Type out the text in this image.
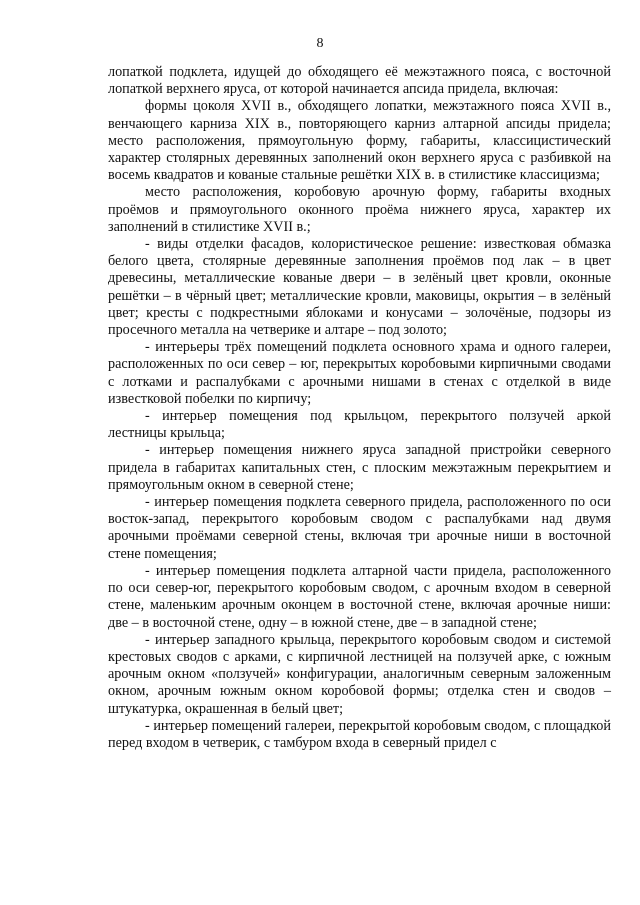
8

лопаткой подклета, идущей до обходящего её межэтажного пояса, с восточной лопаткой верхнего яруса, от которой начинается апсида придела, включая:

формы цоколя XVII в., обходящего лопатки, межэтажного пояса XVII в., венчающего карниза XIX в., повторяющего карниз алтарной апсиды придела; место расположения, прямоугольную форму, габариты, классицистический характер столярных деревянных заполнений окон верхнего яруса с разбивкой на восемь квадратов и кованые стальные решётки XIX в. в стилистике классицизма;

место расположения, коробовую арочную форму, габариты входных проёмов и прямоугольного оконного проёма нижнего яруса, характер их заполнений в стилистике XVII в.;

- виды отделки фасадов, колористическое решение: известковая обмазка белого цвета, столярные деревянные заполнения проёмов под лак – в цвет древесины, металлические кованые двери – в зелёный цвет кровли, оконные решётки – в чёрный цвет; металлические кровли, маковицы, окрытия – в зелёный цвет; кресты с подкрестными яблоками и конусами – золочёные, подзоры из просечного металла на четверике и алтаре – под золото;

- интерьеры трёх помещений подклета основного храма и одного галереи, расположенных по оси север – юг, перекрытых коробовыми кирпичными сводами с лотками и распалубками с арочными нишами в стенах с отделкой в виде известковой побелки по кирпичу;

- интерьер помещения под крыльцом, перекрытого ползучей аркой лестницы крыльца;

- интерьер помещения нижнего яруса западной пристройки северного придела в габаритах капитальных стен, с плоским межэтажным перекрытием и прямоугольным окном в северной стене;

- интерьер помещения подклета северного придела, расположенного по оси восток-запад, перекрытого коробовым сводом с распалубками над двумя арочными проёмами северной стены, включая три арочные ниши в восточной стене помещения;

- интерьер помещения подклета алтарной части придела, расположенного по оси север-юг, перекрытого коробовым сводом, с арочным входом в северной стене, маленьким арочным оконцем в восточной стене, включая арочные ниши: две – в восточной стене, одну – в южной стене, две – в западной стене;

- интерьер западного крыльца, перекрытого коробовым сводом и системой крестовых сводов с арками, с кирпичной лестницей на ползучей арке, с южным арочным окном «ползучей» конфигурации, аналогичным северным заложенным окном, арочным южным окном коробовой формы; отделка стен и сводов – штукатурка, окрашенная в белый цвет;

- интерьер помещений галереи, перекрытой коробовым сводом, с площадкой перед входом в четверик, с тамбуром входа в северный придел с
